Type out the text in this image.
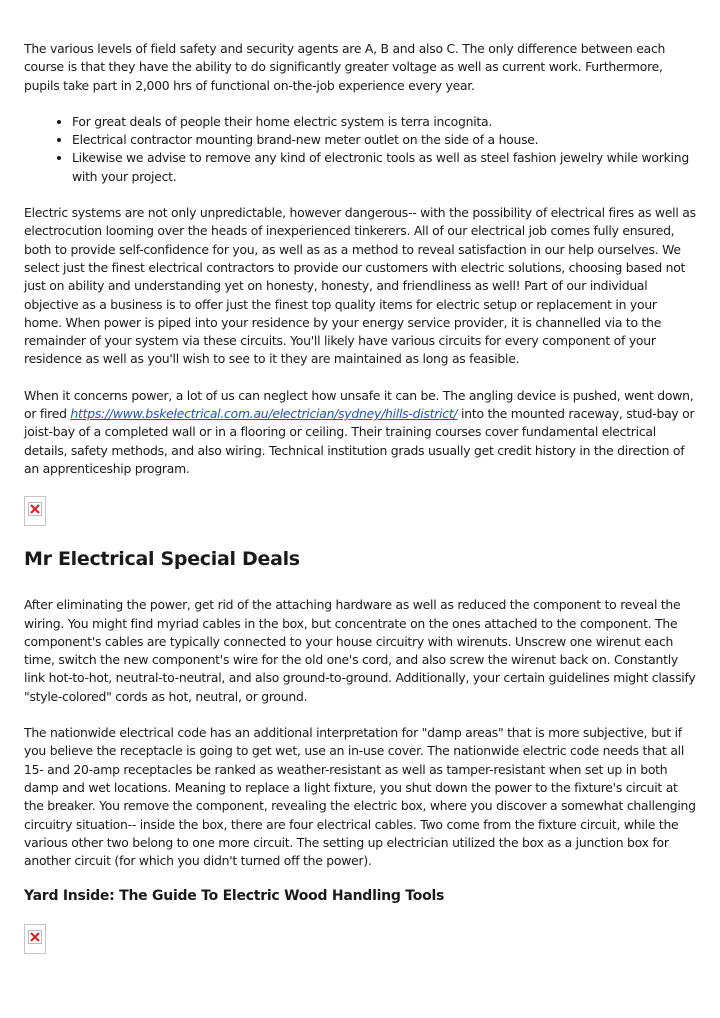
The various levels of field safety and security agents are A, B and also C. The only difference between each course is that they have the ability to do significantly greater voltage as well as current work. Furthermore, pupils take part in 2,000 hrs of functional on-the-job experience every year.

• For great deals of people their home electric system is terra incognita.
• Electrical contractor mounting brand-new meter outlet on the side of a house.
• Likewise we advise to remove any kind of electronic tools as well as steel fashion jewelry while working with your project.

Electric systems are not only unpredictable, however dangerous-- with the possibility of electrical fires as well as electrocution looming over the heads of inexperienced tinkerers. All of our electrical job comes fully ensured, both to provide self-confidence for you, as well as as a method to reveal satisfaction in our help ourselves. We select just the finest electrical contractors to provide our customers with electric solutions, choosing based not just on ability and understanding yet on honesty, honesty, and friendliness as well! Part of our individual objective as a business is to offer just the finest top quality items for electric setup or replacement in your home. When power is piped into your residence by your energy service provider, it is channelled via to the remainder of your system via these circuits. You'll likely have various circuits for every component of your residence as well as you'll wish to see to it they are maintained as long as feasible.

When it concerns power, a lot of us can neglect how unsafe it can be. The angling device is pushed, went down, or fired https://www.bskelectrical.com.au/electrician/sydney/hills-district/ into the mounted raceway, stud-bay or joist-bay of a completed wall or in a flooring or ceiling. Their training courses cover fundamental electrical details, safety methods, and also wiring. Technical institution grads usually get credit history in the direction of an apprenticeship program.

Mr Electrical Special Deals

After eliminating the power, get rid of the attaching hardware as well as reduced the component to reveal the wiring. You might find myriad cables in the box, but concentrate on the ones attached to the component. The component's cables are typically connected to your house circuitry with wirenuts. Unscrew one wirenut each time, switch the new component's wire for the old one's cord, and also screw the wirenut back on. Constantly link hot-to-hot, neutral-to-neutral, and also ground-to-ground. Additionally, your certain guidelines might classify "style-colored" cords as hot, neutral, or ground.

The nationwide electrical code has an additional interpretation for "damp areas" that is more subjective, but if you believe the receptacle is going to get wet, use an in-use cover. The nationwide electric code needs that all 15- and 20-amp receptacles be ranked as weather-resistant as well as tamper-resistant when set up in both damp and wet locations. Meaning to replace a light fixture, you shut down the power to the fixture's circuit at the breaker. You remove the component, revealing the electric box, where you discover a somewhat challenging circuitry situation-- inside the box, there are four electrical cables. Two come from the fixture circuit, while the various other two belong to one more circuit. The setting up electrician utilized the box as a junction box for another circuit (for which you didn't turned off the power).

Yard Inside: The Guide To Electric Wood Handling Tools
